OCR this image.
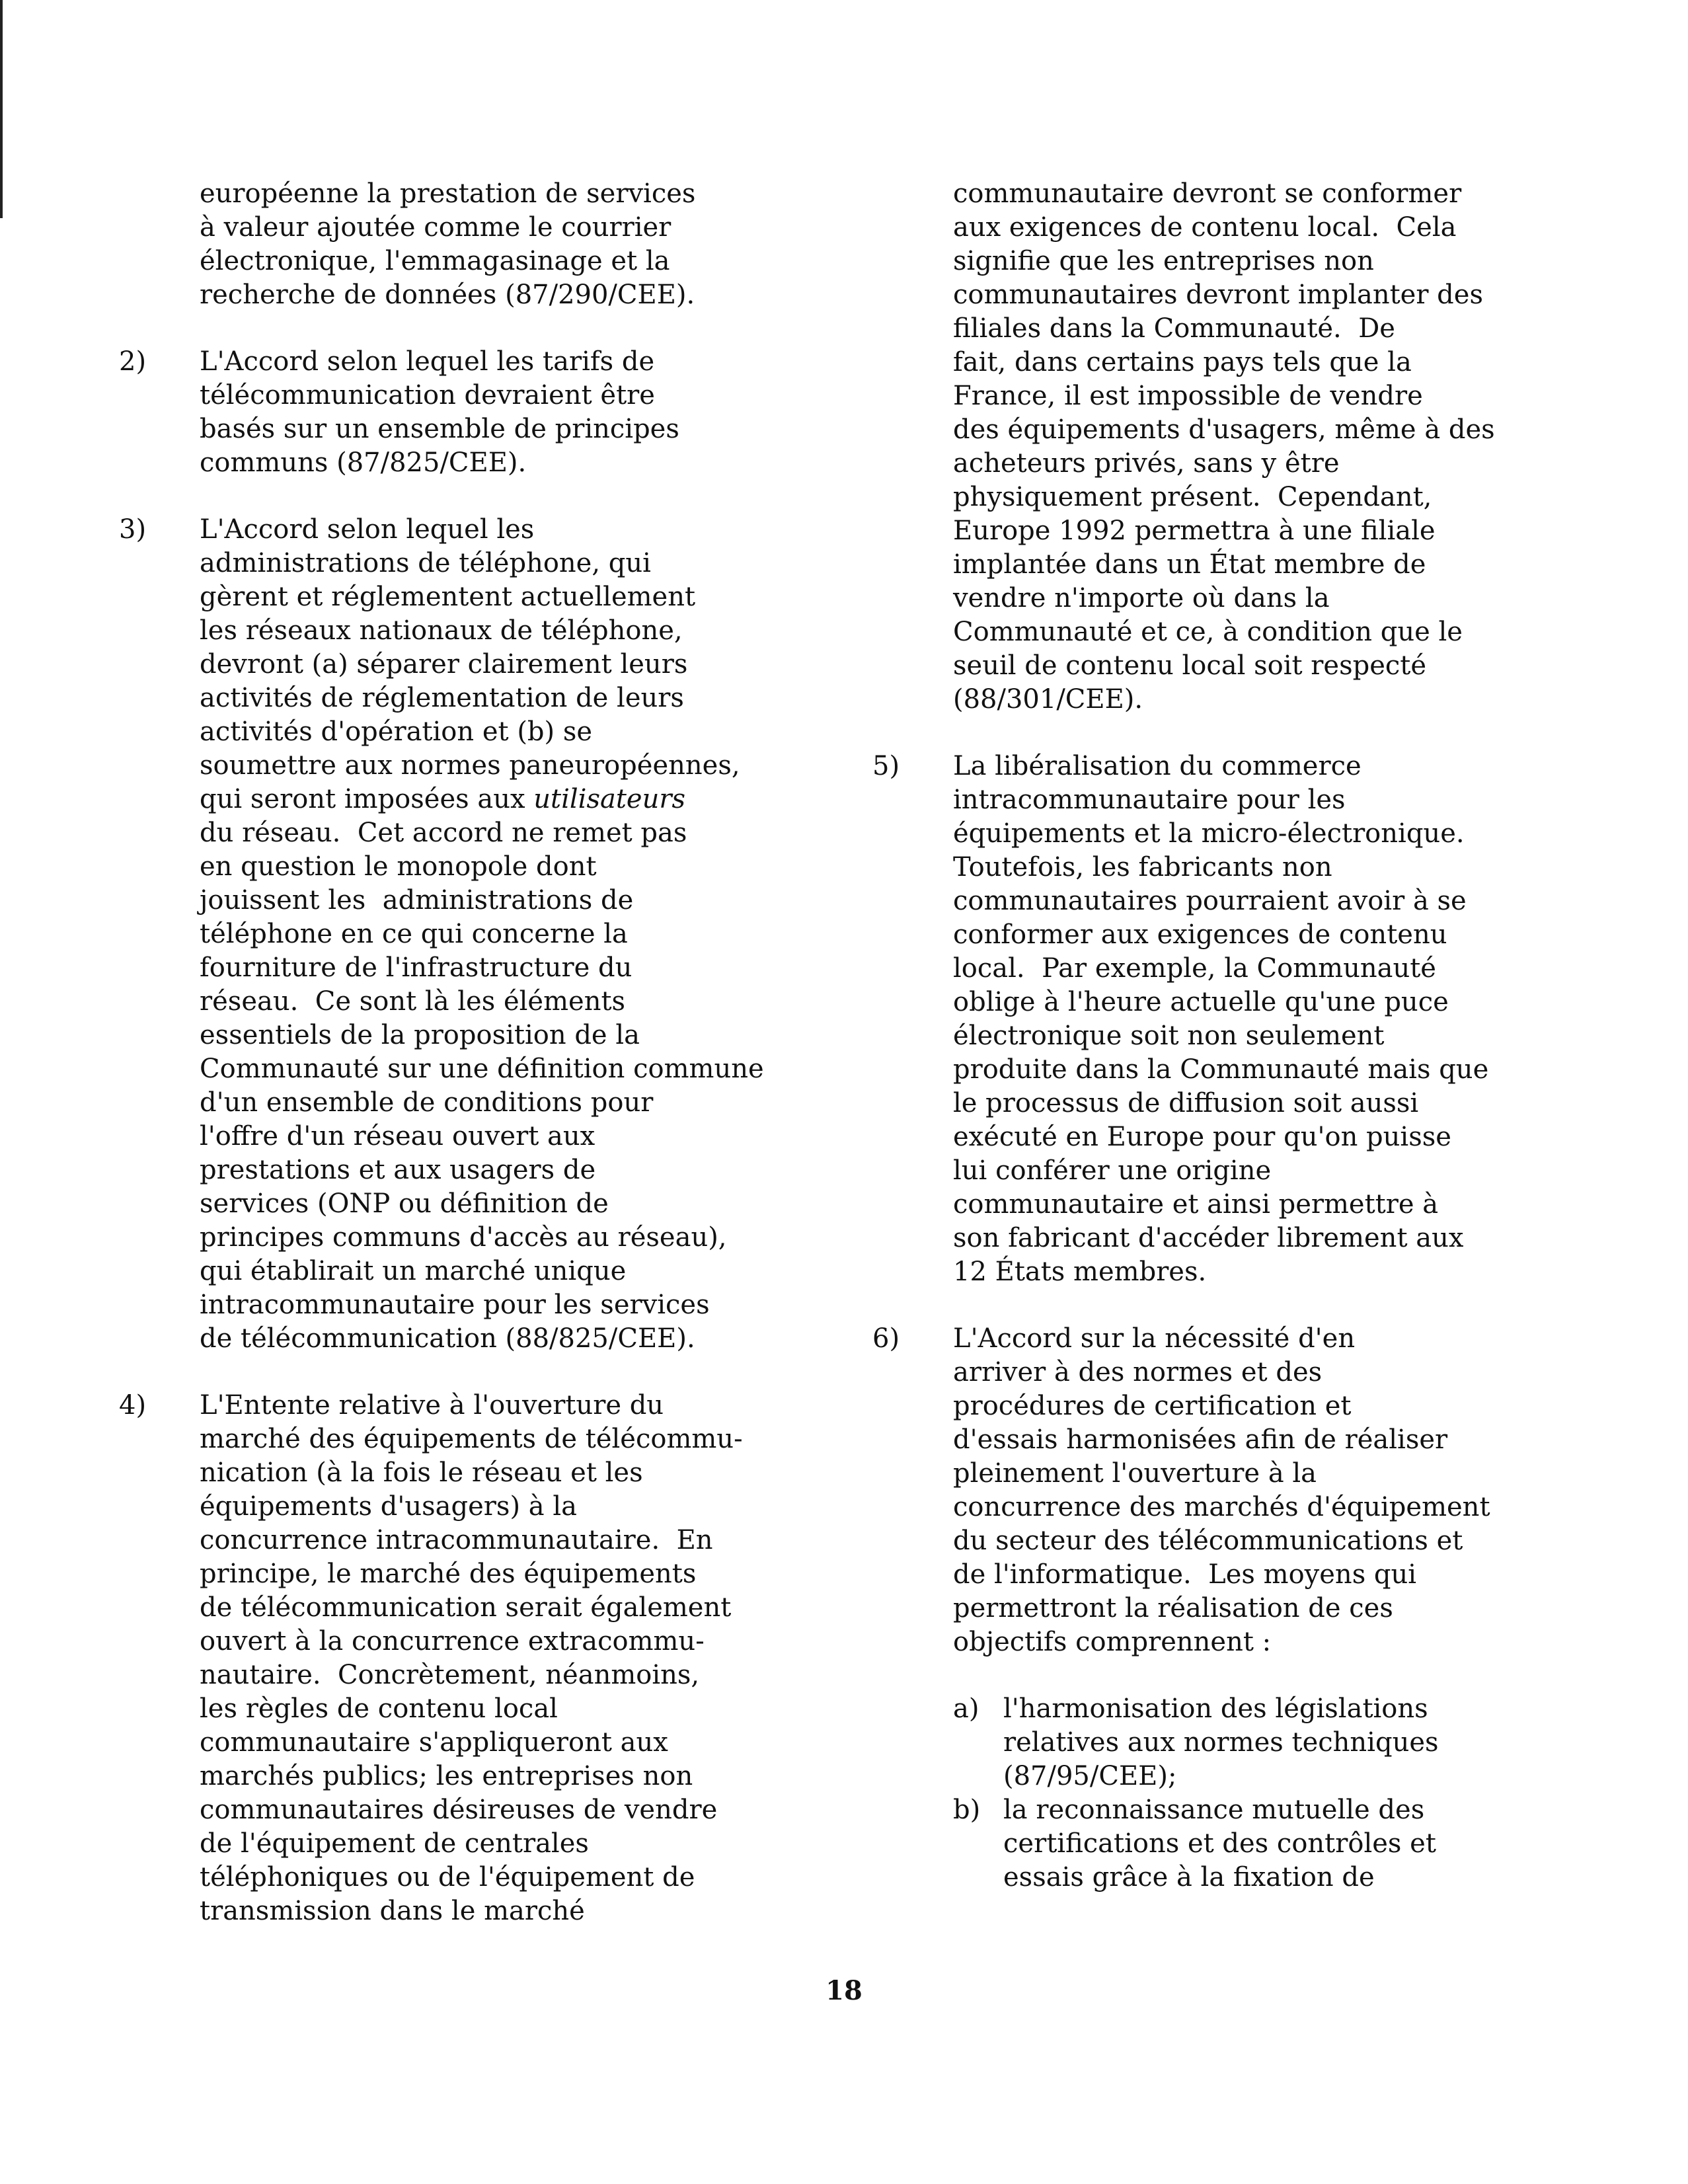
européenne la prestation de services
à valeur ajoutée comme le courrier
électronique, l'emmagasinage et la
recherche de données (87/290/CEE).
2)	L'Accord selon lequel les tarifs de
télécommunication devraient être
basés sur un ensemble de principes
communs (87/825/CEE).
3)	L'Accord selon lequel les
administrations de téléphone, qui
gèrent et réglementent actuellement
les réseaux nationaux de téléphone,
devront (a) séparer clairement leurs
activités de réglementation de leurs
activités d'opération et (b) se
soumettre aux normes paneuropéennes,
qui seront imposées aux utilisateurs
du réseau.  Cet accord ne remet pas
en question le monopole dont
jouissent les  administrations de
téléphone en ce qui concerne la
fourniture de l'infrastructure du
réseau.  Ce sont là les éléments
essentiels de la proposition de la
Communauté sur une définition commune
d'un ensemble de conditions pour
l'offre d'un réseau ouvert aux
prestations et aux usagers de
services (ONP ou définition de
principes communs d'accès au réseau),
qui établirait un marché unique
intracommunautaire pour les services
de télécommunication (88/825/CEE).
4)	L'Entente relative à l'ouverture du
marché des équipements de télécommu-
nication (à la fois le réseau et les
équipements d'usagers) à la
concurrence intracommunautaire.  En
principe, le marché des équipements
de télécommunication serait également
ouvert à la concurrence extracommu-
nautaire.  Concrètement, néanmoins,
les règles de contenu local
communautaire s'appliqueront aux
marchés publics; les entreprises non
communautaires désireuses de vendre
de l'équipement de centrales
téléphoniques ou de l'équipement de
transmission dans le marché
communautaire devront se conformer
aux exigences de contenu local.  Cela
signifie que les entreprises non
communautaires devront implanter des
filiales dans la Communauté.  De
fait, dans certains pays tels que la
France, il est impossible de vendre
des équipements d'usagers, même à des
acheteurs privés, sans y être
physiquement présent.  Cependant,
Europe 1992 permettra à une filiale
implantée dans un État membre de
vendre n'importe où dans la
Communauté et ce, à condition que le
seuil de contenu local soit respecté
(88/301/CEE).
5)	La libéralisation du commerce
intracommunautaire pour les
équipements et la micro-électronique.
Toutefois, les fabricants non
communautaires pourraient avoir à se
conformer aux exigences de contenu
local.  Par exemple, la Communauté
oblige à l'heure actuelle qu'une puce
électronique soit non seulement
produite dans la Communauté mais que
le processus de diffusion soit aussi
exécuté en Europe pour qu'on puisse
lui conférer une origine
communautaire et ainsi permettre à
son fabricant d'accéder librement aux
12 États membres.
6)	L'Accord sur la nécessité d'en
arriver à des normes et des
procédures de certification et
d'essais harmonisées afin de réaliser
pleinement l'ouverture à la
concurrence des marchés d'équipement
du secteur des télécommunications et
de l'informatique.  Les moyens qui
permettront la réalisation de ces
objectifs comprennent :
a) l'harmonisation des législations
relatives aux normes techniques
(87/95/CEE);
b) la reconnaissance mutuelle des
certifications et des contrôles et
essais grâce à la fixation de
18
